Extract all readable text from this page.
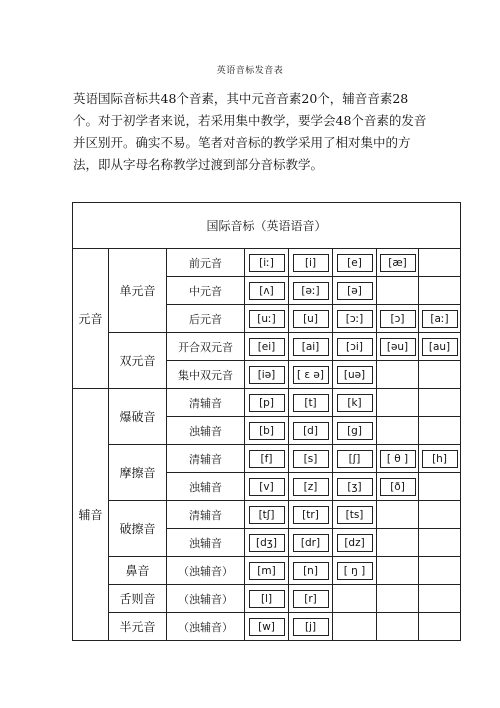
英语音标发音表

英语国际音标共48个音素，其中元音音素20个，辅音音素28个。对于初学者来说，若采用集中教学，要学会48个音素的发音并区别开。确实不易。笔者对音标的教学采用了相对集中的方法，即从字母名称教学过渡到部分音标教学。

国际音标（英语语音）							
元音	单元音	前元音	[iː]	[i]	[e]	[æ]	
		中元音	[ʌ]	[əː]	[ə]		
		后元音	[uː]	[u]	[ɔː]	[ɔ]	[aː]
	双元音	开合双元音	[ei]	[ai]	[ɔi]	[əu]	[au]
		集中双元音	[iə]	[ ɛ ə]	[uə]		
辅音	爆破音	清辅音	[p]	[t]	[k]		
		浊辅音	[b]	[d]	[g]		
	摩擦音	清辅音	[f]	[s]	[ʃ]	[ θ ]	[h]
		浊辅音	[v]	[z]	[ʒ]	[ð]	
	破擦音	清辅音	[tʃ]	[tr]	[ts]		
		浊辅音	[dʒ]	[dr]	[dz]		
	鼻音	（浊辅音）	[m]	[n]	[ ŋ ]		
	舌则音	（浊辅音）	[l]	[r]			
	半元音	（浊辅音）	[w]	[j]			
